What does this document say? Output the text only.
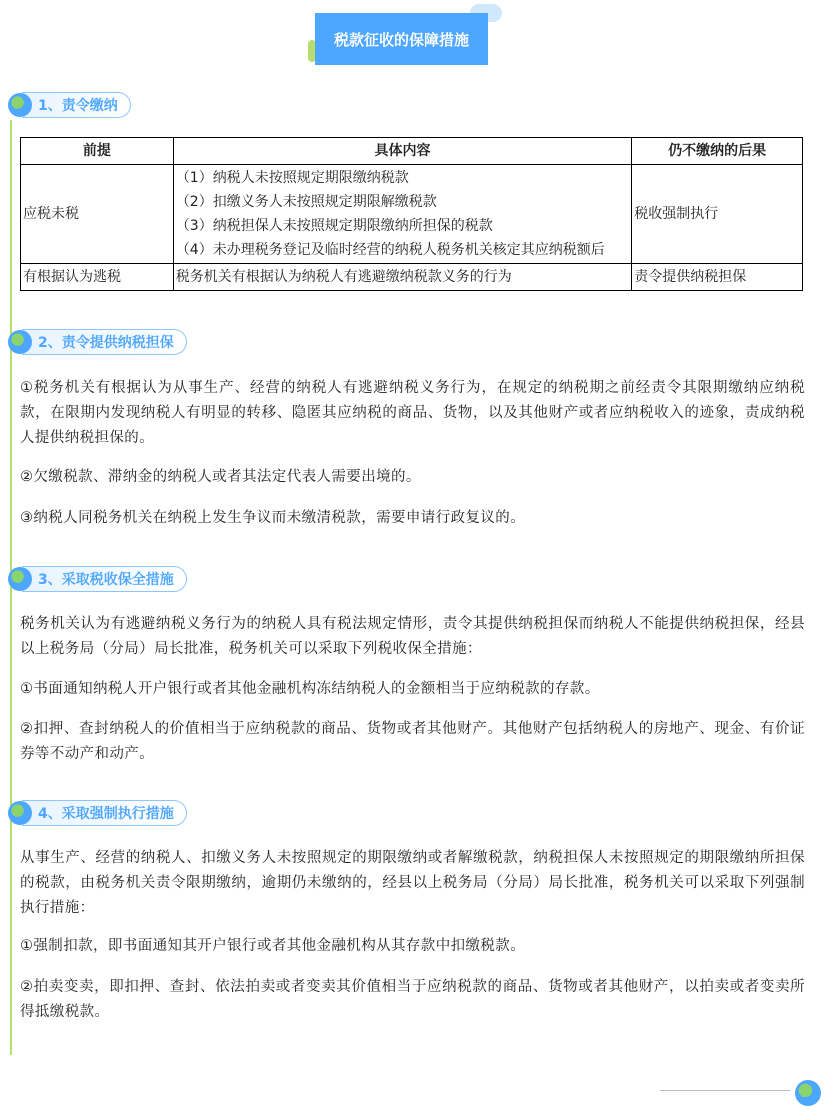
税款征收的保障措施
1、责令缴纳
前提	具体内容	仍不缴纳的后果
应税未税	（1）纳税人未按照规定期限缴纳税款
（2）扣缴义务人未按照规定期限解缴税款
（3）纳税担保人未按照规定期限缴纳所担保的税款
（4）未办理税务登记及临时经营的纳税人税务机关核定其应纳税额后	税收强制执行
有根据认为逃税	税务机关有根据认为纳税人有逃避缴纳税款义务的行为	责令提供纳税担保
2、责令提供纳税担保
①税务机关有根据认为从事生产、经营的纳税人有逃避纳税义务行为，在规定的纳税期之前经责令其限期缴纳应纳税款，在限期内发现纳税人有明显的转移、隐匿其应纳税的商品、货物，以及其他财产或者应纳税收入的迹象，责成纳税人提供纳税担保的。
②欠缴税款、滞纳金的纳税人或者其法定代表人需要出境的。
③纳税人同税务机关在纳税上发生争议而未缴清税款，需要申请行政复议的。
3、采取税收保全措施
税务机关认为有逃避纳税义务行为的纳税人具有税法规定情形，责令其提供纳税担保而纳税人不能提供纳税担保，经县以上税务局（分局）局长批准，税务机关可以采取下列税收保全措施：
①书面通知纳税人开户银行或者其他金融机构冻结纳税人的金额相当于应纳税款的存款。
②扣押、查封纳税人的价值相当于应纳税款的商品、货物或者其他财产。其他财产包括纳税人的房地产、现金、有价证券等不动产和动产。
4、采取强制执行措施
从事生产、经营的纳税人、扣缴义务人未按照规定的期限缴纳或者解缴税款，纳税担保人未按照规定的期限缴纳所担保的税款，由税务机关责令限期缴纳，逾期仍未缴纳的，经县以上税务局（分局）局长批准，税务机关可以采取下列强制执行措施：
①强制扣款，即书面通知其开户银行或者其他金融机构从其存款中扣缴税款。
②拍卖变卖，即扣押、查封、依法拍卖或者变卖其价值相当于应纳税款的商品、货物或者其他财产，以拍卖或者变卖所得抵缴税款。
